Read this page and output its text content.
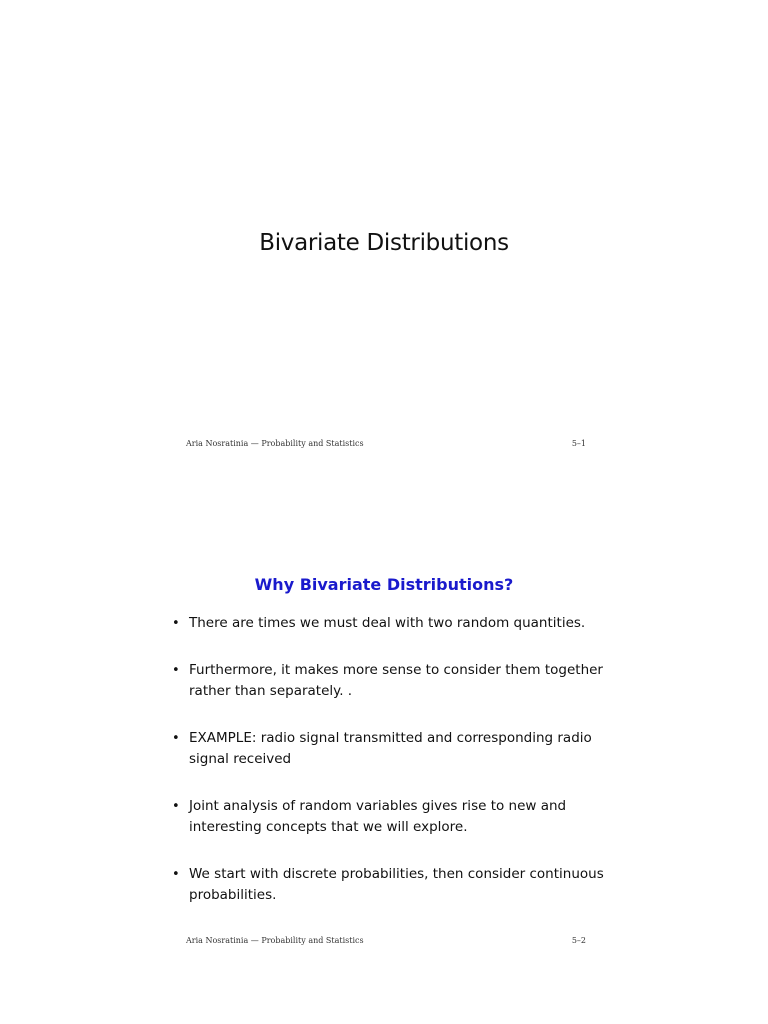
Bivariate Distributions
Aria Nosratinia — Probability and Statistics	5–1
Why Bivariate Distributions?
• There are times we must deal with two random quantities.
• Furthermore, it makes more sense to consider them together rather than separately. .
• EXAMPLE: radio signal transmitted and corresponding radio signal received
• Joint analysis of random variables gives rise to new and interesting concepts that we will explore.
• We start with discrete probabilities, then consider continuous probabilities.
Aria Nosratinia — Probability and Statistics	5–2
